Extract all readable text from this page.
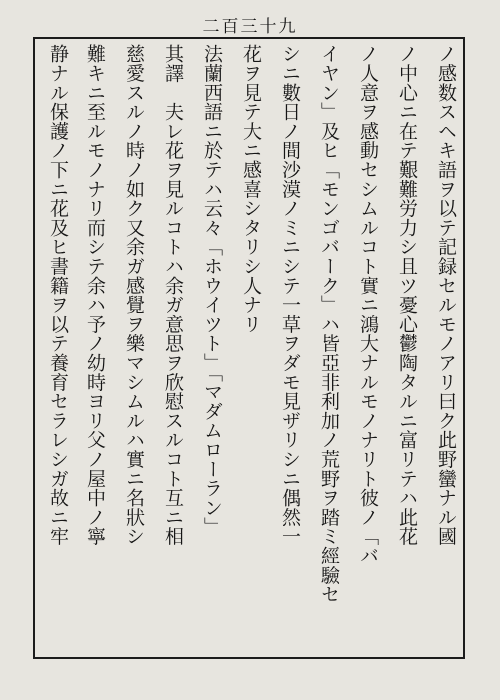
二百三十九
ノ感数スヘキ語ヲ以テ記録セルモノアリ曰ク此野蠻ナル國
ノ中心ニ在テ艱難労力シ且ツ憂心鬱陶タルニ富リテハ此花
ノ人意ヲ感動セシムルコト實ニ鴻大ナルモノナリト彼ノ「バ
イヤン」及ヒ「モンゴバーク」ハ皆亞非利加ノ荒野ヲ踏ミ經驗セ
シニ數日ノ間沙漠ノミニシテ一草ヲダモ見ザリシニ偶然一
花ヲ見テ大ニ感喜シタリシ人ナリ
法蘭西語ニ於テハ云々「ホウイツト」「マダムローラン」
其譯　夫レ花ヲ見ルコトハ余ガ意思ヲ欣慰スルコト互ニ相
慈愛スルノ時ノ如ク又余ガ感覺ヲ樂マシムルハ實ニ名狀シ
難キニ至ルモノナリ而シテ余ハ予ノ幼時ヨリ父ノ屋中ノ寧
静ナル保護ノ下ニ花及ヒ書籍ヲ以テ養育セラレシガ故ニ牢
